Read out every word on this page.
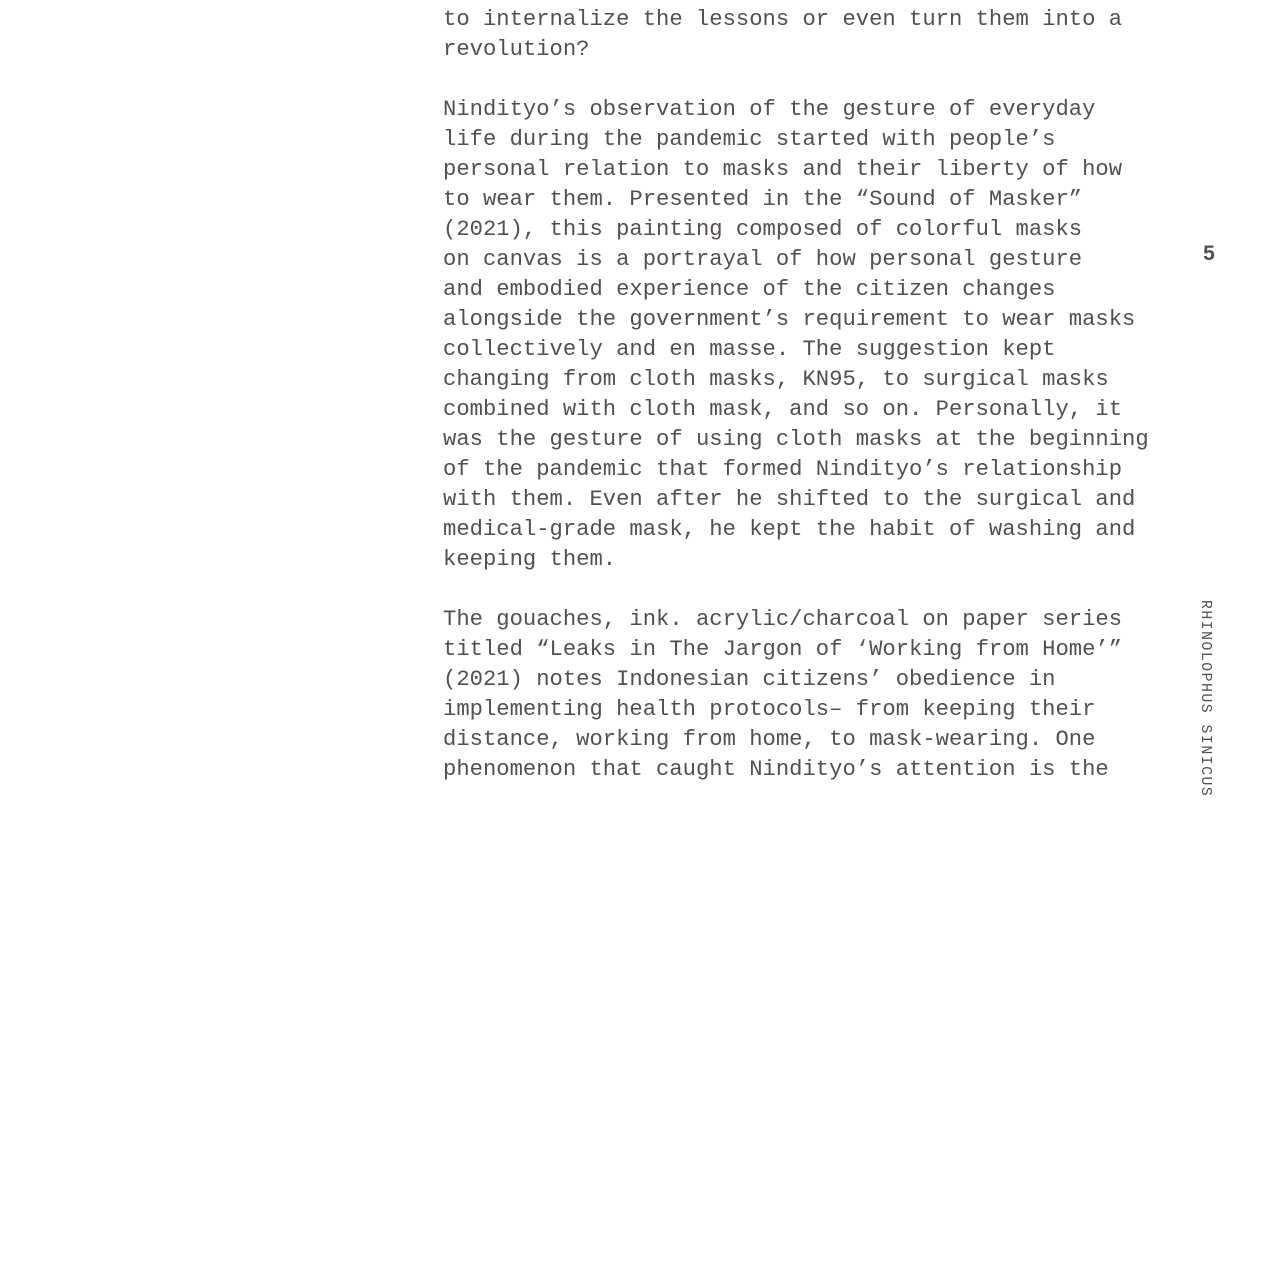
to internalize the lessons or even turn them into a
revolution?

Nindityo’s observation of the gesture of everyday
life during the pandemic started with people’s
personal relation to masks and their liberty of how
to wear them. Presented in the “Sound of Masker”
(2021), this painting composed of colorful masks
on canvas is a portrayal of how personal gesture
and embodied experience of the citizen changes
alongside the government’s requirement to wear masks
collectively and en masse. The suggestion kept
changing from cloth masks, KN95, to surgical masks
combined with cloth mask, and so on. Personally, it
was the gesture of using cloth masks at the beginning
of the pandemic that formed Nindityo’s relationship
with them. Even after he shifted to the surgical and
medical-grade mask, he kept the habit of washing and
keeping them.

The gouaches, ink. acrylic/charcoal on paper series
titled “Leaks in The Jargon of ‘Working from Home’”
(2021) notes Indonesian citizens’ obedience in
implementing health protocols– from keeping their
distance, working from home, to mask-wearing. One
phenomenon that caught Nindityo’s attention is the

5
RHINOLOPHUS SINICUS
